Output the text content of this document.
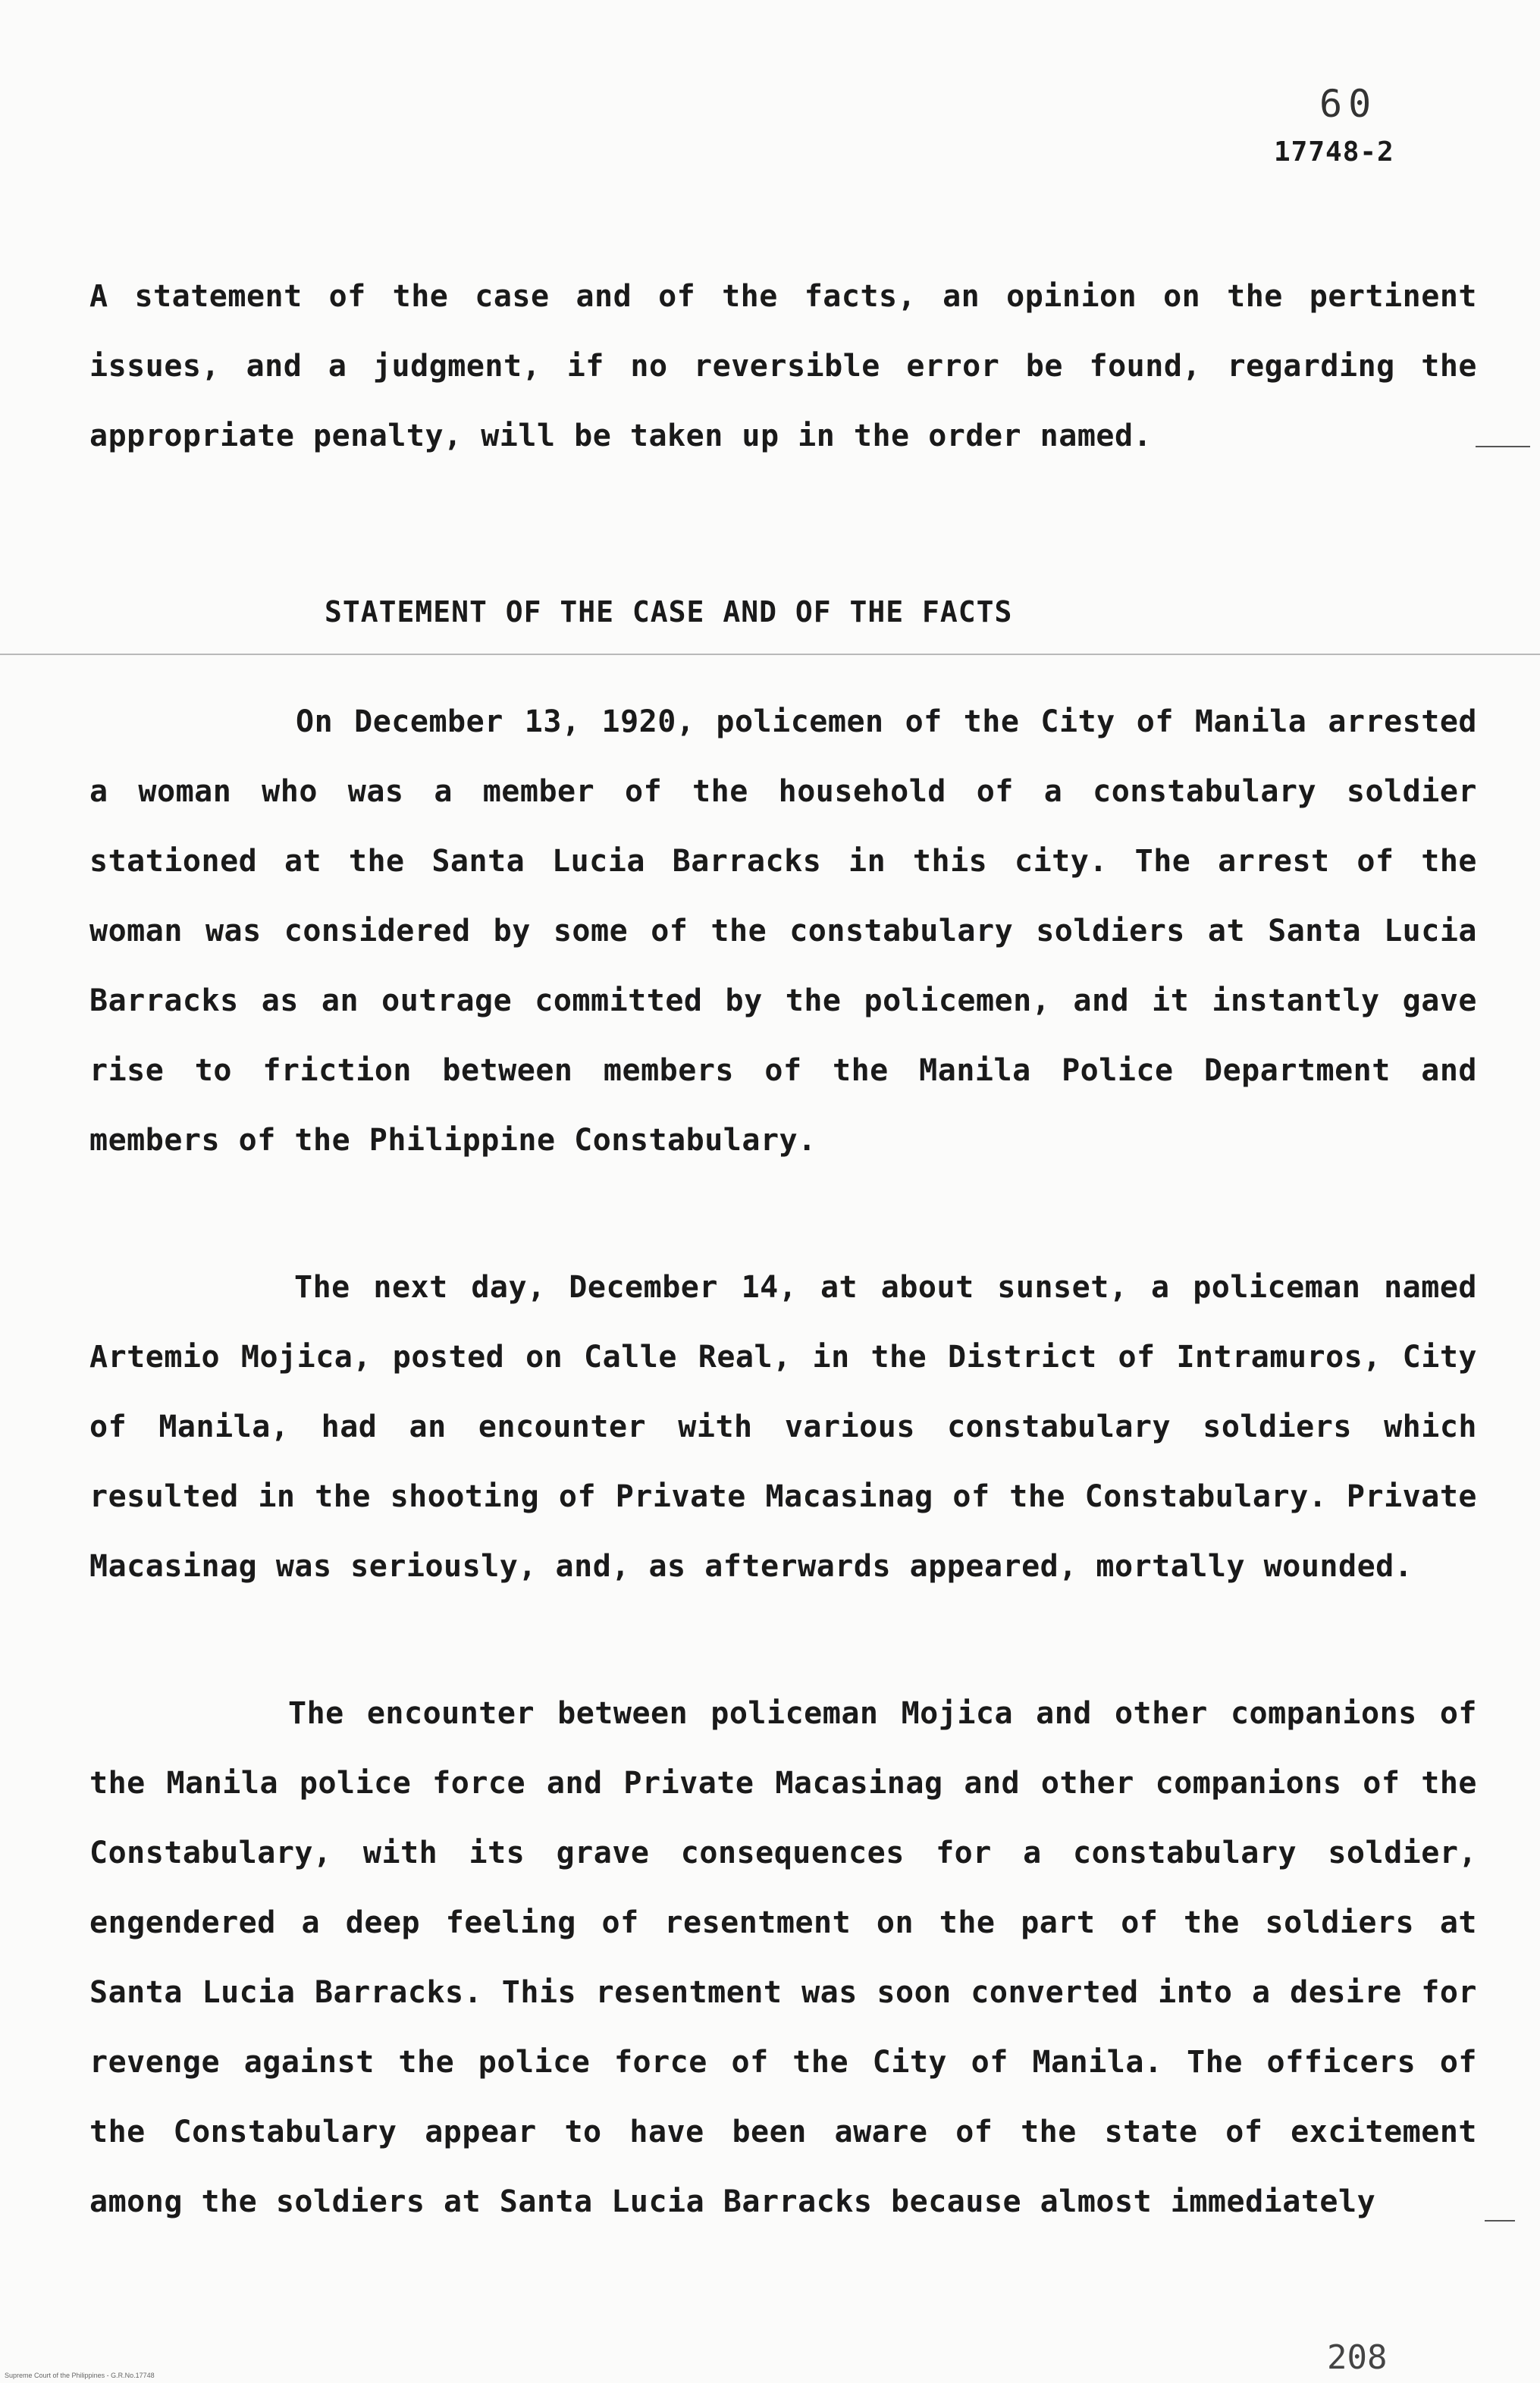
60
17748-2

A statement of the case and of the facts, an opinion on the pertinent issues, and a judgment, if no reversible error be found, regarding the appropriate penalty, will be taken up in the order named.

STATEMENT OF THE CASE AND OF THE FACTS

On December 13, 1920, policemen of the City of Manila arrested a woman who was a member of the household of a constabulary soldier stationed at the Santa Lucia Barracks in this city. The arrest of the woman was considered by some of the constabulary soldiers at Santa Lucia Barracks as an outrage committed by the policemen, and it instantly gave rise to friction between members of the Manila Police Department and members of the Philippine Constabulary.

The next day, December 14, at about sunset, a policeman named Artemio Mojica, posted on Calle Real, in the District of Intramuros, City of Manila, had an encounter with various constabulary soldiers which resulted in the shooting of Private Macasinag of the Constabulary. Private Macasinag was seriously, and, as afterwards appeared, mortally wounded.

The encounter between policeman Mojica and other companions of the Manila police force and Private Macasinag and other companions of the Constabulary, with its grave consequences for a constabulary soldier, engendered a deep feeling of resentment on the part of the soldiers at Santa Lucia Barracks. This resentment was soon converted into a desire for revenge against the police force of the City of Manila. The officers of the Constabulary appear to have been aware of the state of excitement among the soldiers at Santa Lucia Barracks because almost immediately

208
Supreme Court of the Philippines - G.R.No.17748
